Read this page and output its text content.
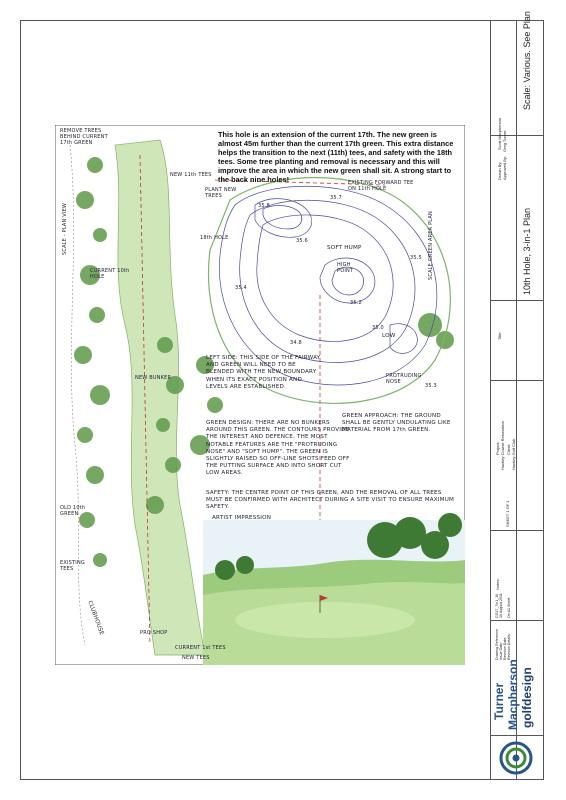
This hole is an extension of the current 17th. The new green is almost 45m further than the current 17th green. This extra distance helps the transition to the next (11th) tees, and safety with the 18th tees. Some tree planting and removal is necessary and this will improve the area in which the new green shall sit. A strong start to the back nine holes!
REMOVE TREES BEHIND CURRENT 17th GREEN
NEW 11th TEES
PLANT NEW TREES
EXISTING FORWARD TEE ON 11th HOLE
18th HOLE
CURRENT 10th HOLE
SOFT HUMP
HIGH POINT
LOW
PROTRUDING NOSE
NEW BUNKER
LEFT SIDE: THIS SIDE OF THE FAIRWAY AND GREEN WILL NEED TO BE BLENDED WITH THE NEW BOUNDARY WHEN ITS EXACT POSITION AND LEVELS ARE ESTABLISHED.
GREEN DESIGN: THERE ARE NO BUNKERS AROUND THIS GREEN. THE CONTOURS PROVIDE THE INTEREST AND DEFENCE. THE MOST NOTABLE FEATURES ARE THE "PROTRUDING NOSE" AND "SOFT HUMP". THE GREEN IS SLIGHTLY RAISED SO OFF-LINE SHOTS FEED OFF THE PUTTING SURFACE AND INTO SHORT CUT LOW AREAS.
GREEN APPROACH: THE GROUND SHALL BE GENTLY UNDULATING LIKE MATERIAL FROM 17th GREEN.
SAFETY: THE CENTRE POINT OF THIS GREEN, AND THE REMOVAL OF ALL TREES MUST BE CONFIRMED WITH ARCHITECT DURING A SITE VISIT TO ENSURE MAXIMUM SAFETY.
ARTIST IMPRESSION
OLD 10th GREEN
EXISTING TEES
CLUBHOUSE	PRO SHOP
CURRENT 1st TEES
NEW TEES
SCALE GREEN AREA PLAN
SCALE - PLAN VIEW	35.8
35.6
35.4
35.2
35.0
34.8
35.7
35.5
35.3
Scale: Various. See Plan
Drawn By: Approved By:
Scott Macpherson Greg Turner
Title:
10th Hole, 3-in-1 Plan
Project: Huntley Course Renovation Client: Huntley Golf Club
SHEET 1 OF 1
Notes:
Drawing Reference: Issue Date: Revision Date: Revision Details:
CG17_7in1_10 10 August 2011 On A1 Sheet
Turner Macpherson golfdesign
